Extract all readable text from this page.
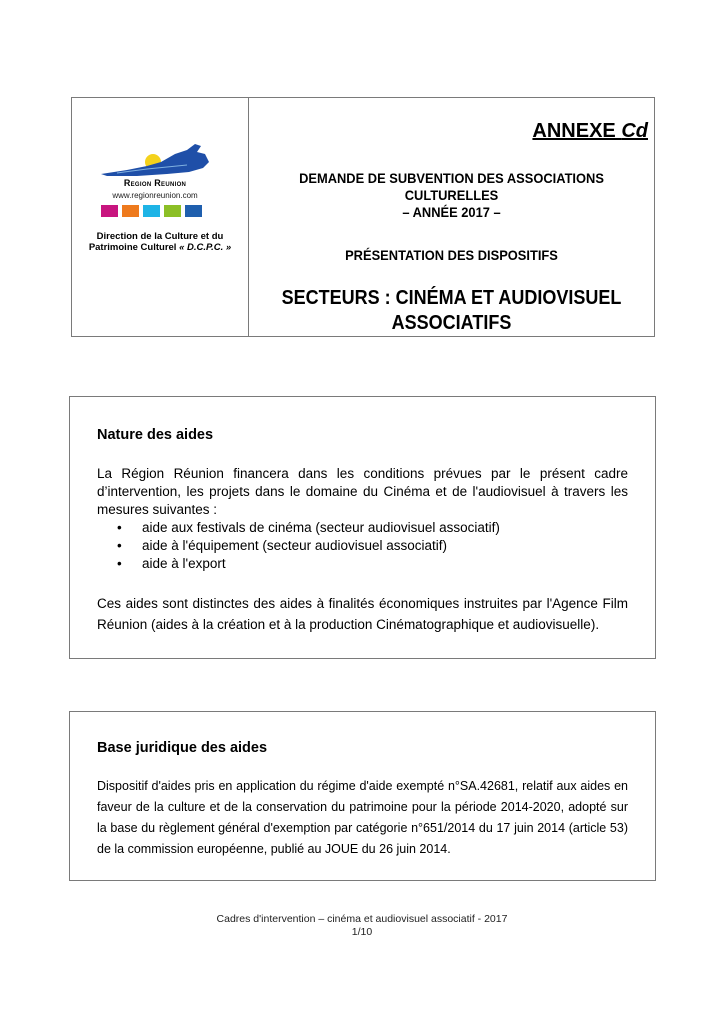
Region Reunion
www.regionreunion.com
Direction de la Culture et du
Patrimoine Culturel « D.C.P.C. »
ANNEXE Cd
DEMANDE DE SUBVENTION DES ASSOCIATIONS
CULTURELLES
– ANNÉE 2017 –
PRÉSENTATION DES DISPOSITIFS
SECTEURS : CINÉMA ET AUDIOVISUEL
ASSOCIATIFS
Nature des aides
La Région Réunion financera dans les conditions prévues par le présent cadre d’intervention, les projets dans le domaine du Cinéma et de l'audiovisuel à travers les mesures suivantes :
• aide aux festivals de cinéma (secteur audiovisuel associatif)
• aide à l'équipement (secteur audiovisuel associatif)
• aide à l'export
Ces aides sont distinctes des aides à finalités économiques instruites par l'Agence Film Réunion (aides à la création et à la production Cinématographique et audiovisuelle).
Base juridique des aides
Dispositif d'aides pris en application du régime d'aide exempté n°SA.42681, relatif aux aides en faveur de la culture et de la conservation du patrimoine pour la période 2014-2020, adopté sur la base du règlement général d'exemption par catégorie n°651/2014 du 17 juin 2014 (article 53) de la commission européenne, publié au JOUE du 26 juin 2014.
Cadres d'intervention – cinéma et audiovisuel associatif - 2017
1/10
